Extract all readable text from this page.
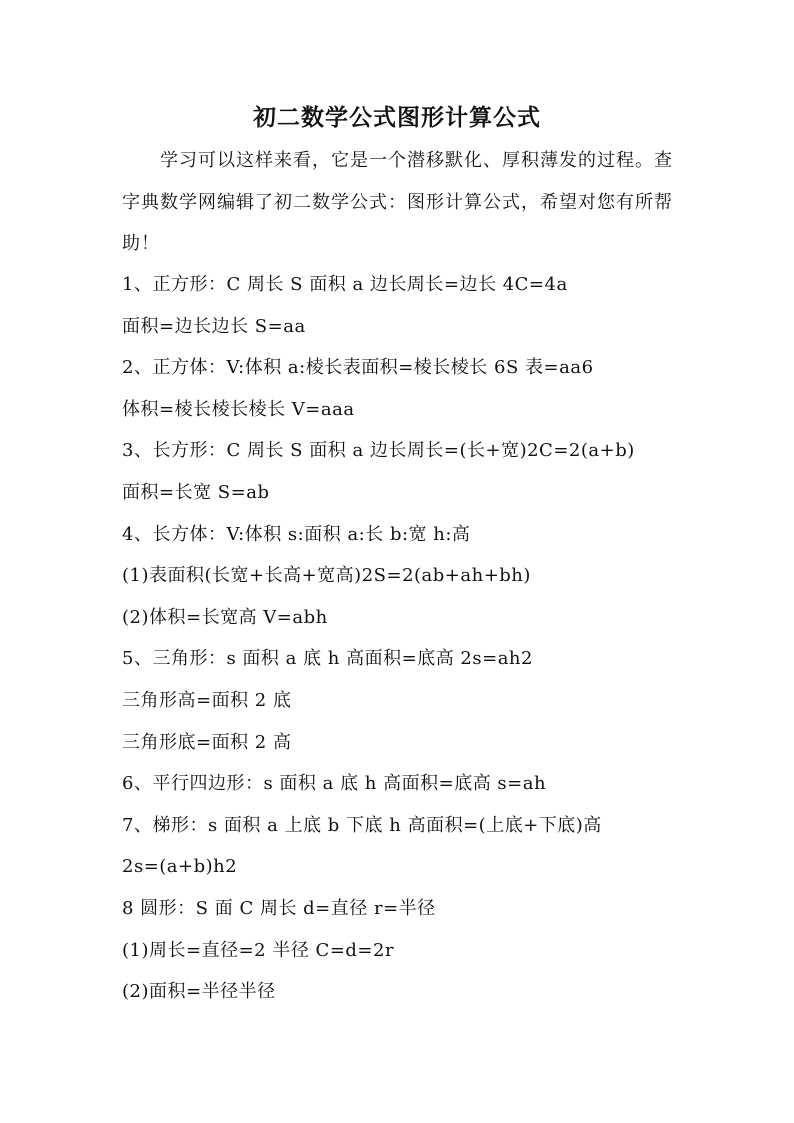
初二数学公式图形计算公式
学习可以这样来看，它是一个潜移默化、厚积薄发的过程。查字典数学网编辑了初二数学公式：图形计算公式，希望对您有所帮助！
1、正方形：C 周长 S 面积 a 边长周长=边长 4C=4a
面积=边长边长 S=aa
2、正方体：V:体积 a:棱长表面积=棱长棱长 6S 表=aa6
体积=棱长棱长棱长 V=aaa
3、长方形：C 周长 S 面积 a 边长周长=(长+宽)2C=2(a+b)
面积=长宽 S=ab
4、长方体：V:体积 s:面积 a:长 b:宽 h:高
(1)表面积(长宽+长高+宽高)2S=2(ab+ah+bh)
(2)体积=长宽高 V=abh
5、三角形：s 面积 a 底 h 高面积=底高 2s=ah2
三角形高=面积 2 底
三角形底=面积 2 高
6、平行四边形：s 面积 a 底 h 高面积=底高 s=ah
7、梯形：s 面积 a 上底 b 下底 h 高面积=(上底+下底)高
2s=(a+b)h2
8 圆形：S 面 C 周长 d=直径 r=半径
(1)周长=直径=2 半径 C=d=2r
(2)面积=半径半径
